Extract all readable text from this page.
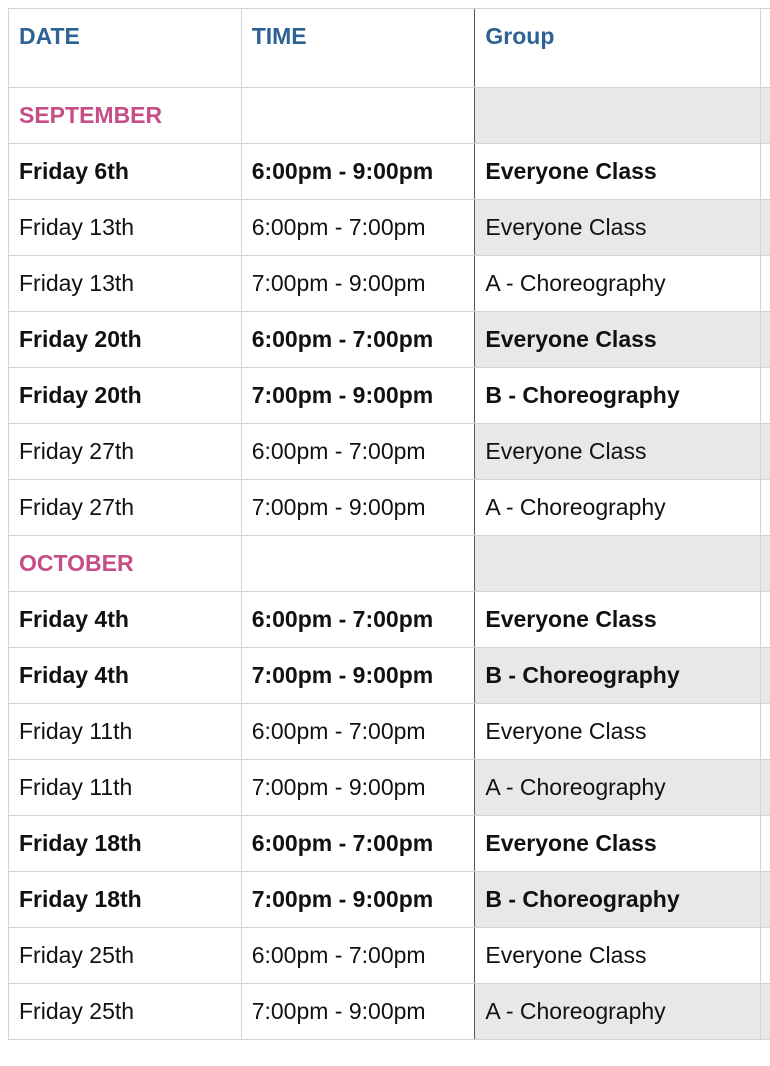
DATE	TIME	Group
SEPTEMBER
Friday 6th	6:00pm - 9:00pm	Everyone Class
Friday 13th	6:00pm - 7:00pm	Everyone Class
Friday 13th	7:00pm - 9:00pm	A - Choreography
Friday 20th	6:00pm - 7:00pm	Everyone Class
Friday 20th	7:00pm - 9:00pm	B - Choreography
Friday 27th	6:00pm - 7:00pm	Everyone Class
Friday 27th	7:00pm - 9:00pm	A - Choreography
OCTOBER
Friday 4th	6:00pm - 7:00pm	Everyone Class
Friday 4th	7:00pm - 9:00pm	B - Choreography
Friday 11th	6:00pm - 7:00pm	Everyone Class
Friday 11th	7:00pm - 9:00pm	A - Choreography
Friday 18th	6:00pm - 7:00pm	Everyone Class
Friday 18th	7:00pm - 9:00pm	B - Choreography
Friday 25th	6:00pm - 7:00pm	Everyone Class
Friday 25th	7:00pm - 9:00pm	A - Choreography
